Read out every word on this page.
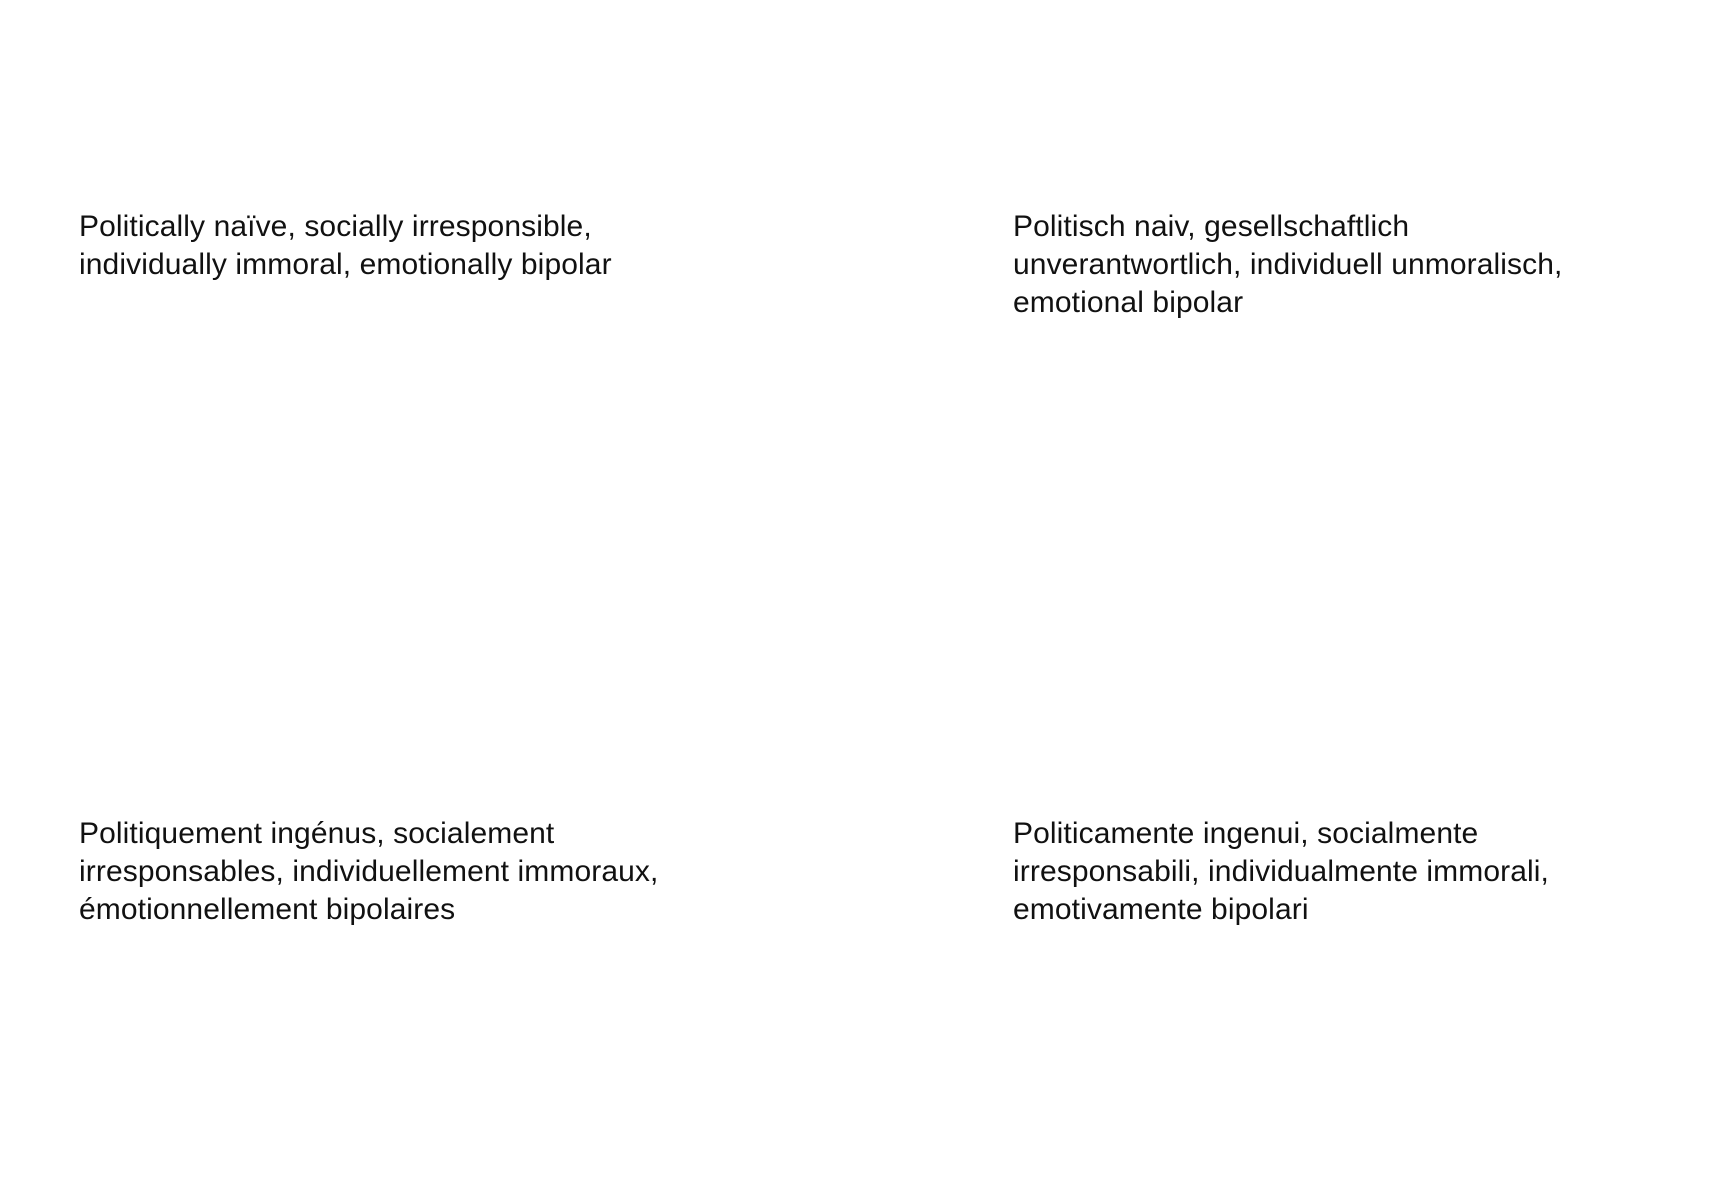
Politically naïve, socially irresponsible,
individually immoral, emotionally bipolar
Politisch naiv, gesellschaftlich
unverantwortlich, individuell unmoralisch,
emotional bipolar
Politiquement ingénus, socialement
irresponsables, individuellement immoraux,
émotionnellement bipolaires
Politicamente ingenui, socialmente
irresponsabili, individualmente immorali,
emotivamente bipolari
